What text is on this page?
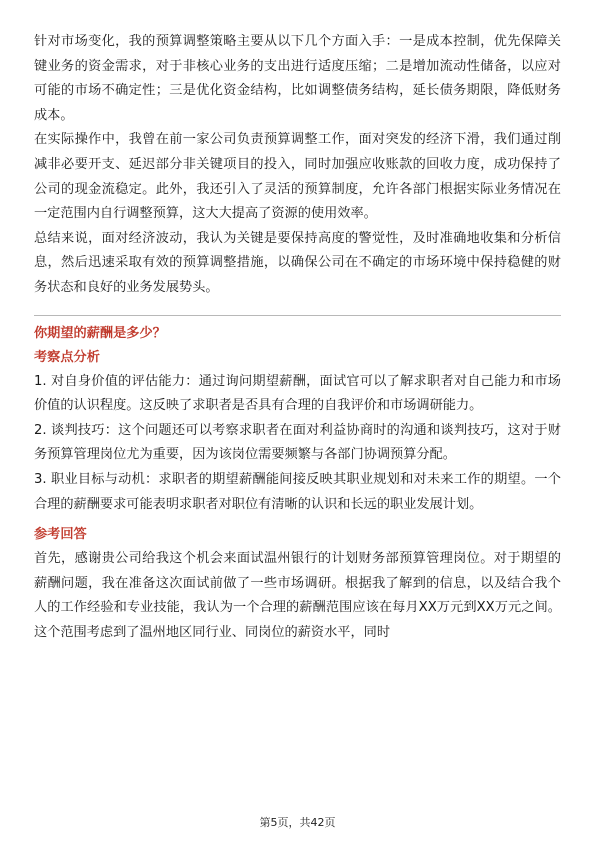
针对市场变化，我的预算调整策略主要从以下几个方面入手：一是成本控制，优先保障关键业务的资金需求，对于非核心业务的支出进行适度压缩；二是增加流动性储备，以应对可能的市场不确定性；三是优化资金结构，比如调整债务结构，延长债务期限，降低财务成本。

在实际操作中，我曾在前一家公司负责预算调整工作，面对突发的经济下滑，我们通过削减非必要开支、延迟部分非关键项目的投入，同时加强应收账款的回收力度，成功保持了公司的现金流稳定。此外，我还引入了灵活的预算制度，允许各部门根据实际业务情况在一定范围内自行调整预算，这大大提高了资源的使用效率。

总结来说，面对经济波动，我认为关键是要保持高度的警觉性，及时准确地收集和分析信息，然后迅速采取有效的预算调整措施，以确保公司在不确定的市场环境中保持稳健的财务状态和良好的业务发展势头。

你期望的薪酬是多少？

考察点分析

1. 对自身价值的评估能力：通过询问期望薪酬，面试官可以了解求职者对自己能力和市场价值的认识程度。这反映了求职者是否具有合理的自我评价和市场调研能力。

2. 谈判技巧：这个问题还可以考察求职者在面对利益协商时的沟通和谈判技巧，这对于财务预算管理岗位尤为重要，因为该岗位需要频繁与各部门协调预算分配。

3. 职业目标与动机：求职者的期望薪酬能间接反映其职业规划和对未来工作的期望。一个合理的薪酬要求可能表明求职者对职位有清晰的认识和长远的职业发展计划。

参考回答

首先，感谢贵公司给我这个机会来面试温州银行的计划财务部预算管理岗位。对于期望的薪酬问题，我在准备这次面试前做了一些市场调研。根据我了解到的信息，以及结合我个人的工作经验和专业技能，我认为一个合理的薪酬范围应该在每月XX万元到XX万元之间。这个范围考虑到了温州地区同行业、同岗位的薪资水平，同时

第5页，共42页
